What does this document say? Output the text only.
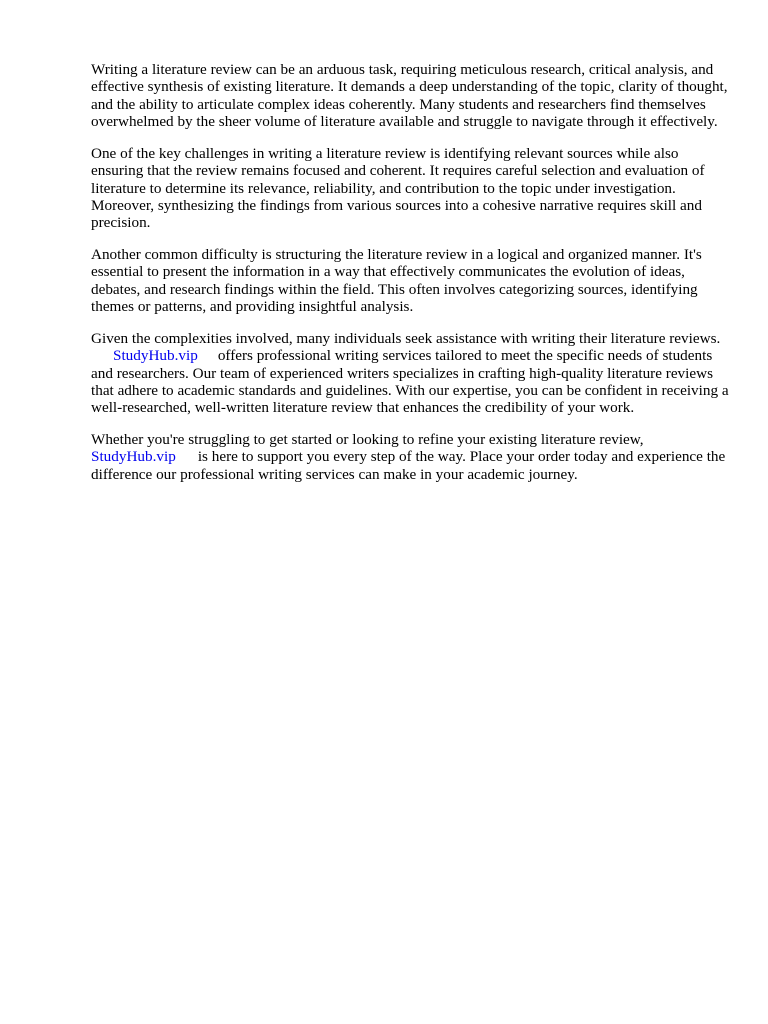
Writing a literature review can be an arduous task, requiring meticulous research, critical analysis, and effective synthesis of existing literature. It demands a deep understanding of the topic, clarity of thought, and the ability to articulate complex ideas coherently. Many students and researchers find themselves overwhelmed by the sheer volume of literature available and struggle to navigate through it effectively.

One of the key challenges in writing a literature review is identifying relevant sources while also ensuring that the review remains focused and coherent. It requires careful selection and evaluation of literature to determine its relevance, reliability, and contribution to the topic under investigation. Moreover, synthesizing the findings from various sources into a cohesive narrative requires skill and precision.

Another common difficulty is structuring the literature review in a logical and organized manner. It's essential to present the information in a way that effectively communicates the evolution of ideas, debates, and research findings within the field. This often involves categorizing sources, identifying themes or patterns, and providing insightful analysis.

Given the complexities involved, many individuals seek assistance with writing their literature reviews.StudyHub.vip offers professional writing services tailored to meet the specific needs of students and researchers. Our team of experienced writers specializes in crafting high-quality literature reviews that adhere to academic standards and guidelines. With our expertise, you can be confident in receiving a well-researched, well-written literature review that enhances the credibility of your work.

Whether you're struggling to get started or looking to refine your existing literature review,
StudyHub.vip is here to support you every step of the way. Place your order today and experience the difference our professional writing services can make in your academic journey.
